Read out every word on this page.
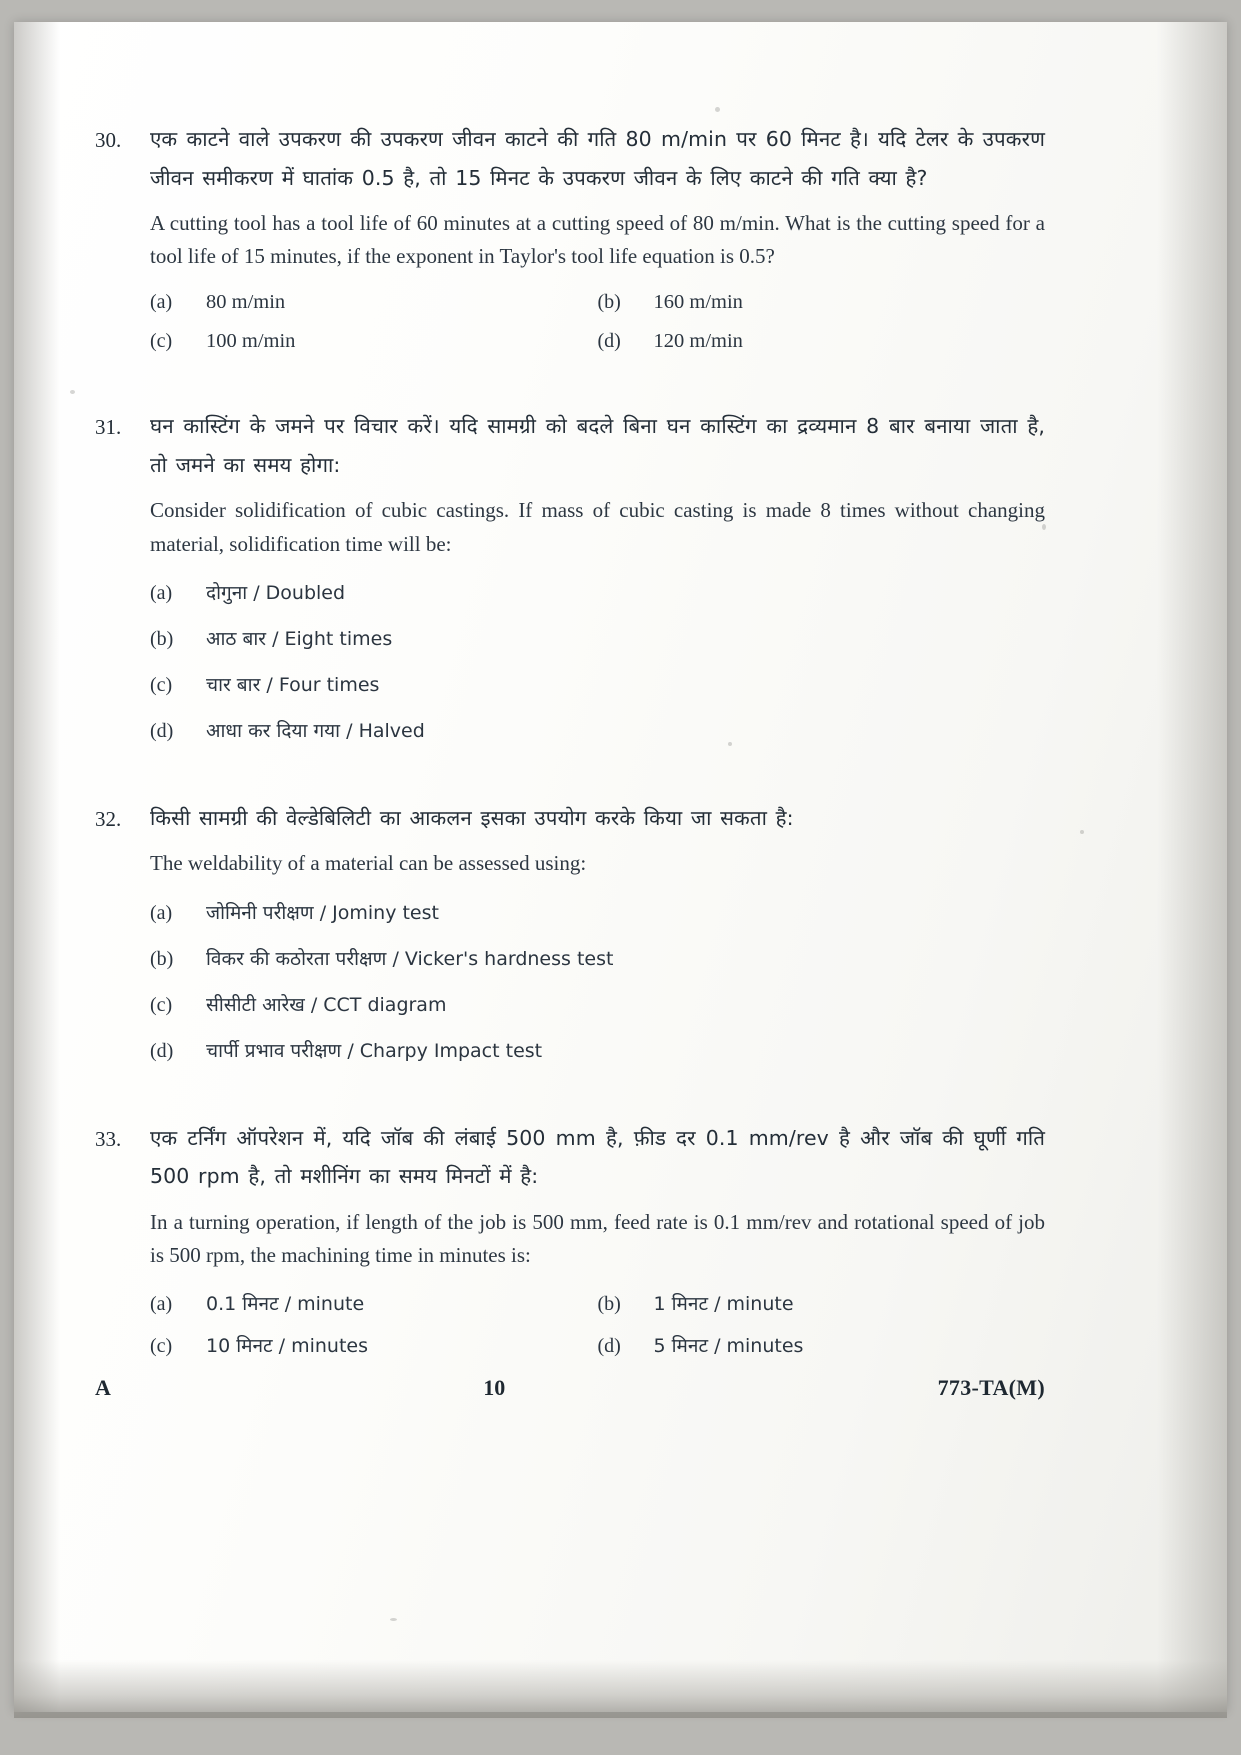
30.	एक काटने वाले उपकरण की उपकरण जीवन काटने की गति 80 m/min पर 60 मिनट है। यदि टेलर के उपकरण जीवन समीकरण में घातांक 0.5 है, तो 15 मिनट के उपकरण जीवन के लिए काटने की गति क्या है?

A cutting tool has a tool life of 60 minutes at a cutting speed of 80 m/min. What is the cutting speed for a tool life of 15 minutes, if the exponent in Taylor's tool life equation is 0.5?

(a)	80 m/min	(b)	160 m/min
(c)	100 m/min	(d)	120 m/min
31.	घन कास्टिंग के जमने पर विचार करें। यदि सामग्री को बदले बिना घन कास्टिंग का द्रव्यमान 8 बार बनाया जाता है, तो जमने का समय होगा:

Consider solidification of cubic castings. If mass of cubic casting is made 8 times without changing material, solidification time will be:

(a)	दोगुना / Doubled
(b)	आठ बार / Eight times
(c)	चार बार / Four times
(d)	आधा कर दिया गया / Halved
32.	किसी सामग्री की वेल्डेबिलिटी का आकलन इसका उपयोग करके किया जा सकता है:

The weldability of a material can be assessed using:

(a)	जोमिनी परीक्षण / Jominy test
(b)	विकर की कठोरता परीक्षण / Vicker's hardness test
(c)	सीसीटी आरेख / CCT diagram
(d)	चार्पी प्रभाव परीक्षण / Charpy Impact test
33.	एक टर्निंग ऑपरेशन में, यदि जॉब की लंबाई 500 mm है, फ़ीड दर 0.1 mm/rev है और जॉब की घूर्णी गति 500 rpm है, तो मशीनिंग का समय मिनटों में है:

In a turning operation, if length of the job is 500 mm, feed rate is 0.1 mm/rev and rotational speed of job is 500 rpm, the machining time in minutes is:

(a)	0.1 मिनट / minute	(b)	1 मिनट / minute
(c)	10 मिनट / minutes	(d)	5 मिनट / minutes
A	10	773-TA(M)
